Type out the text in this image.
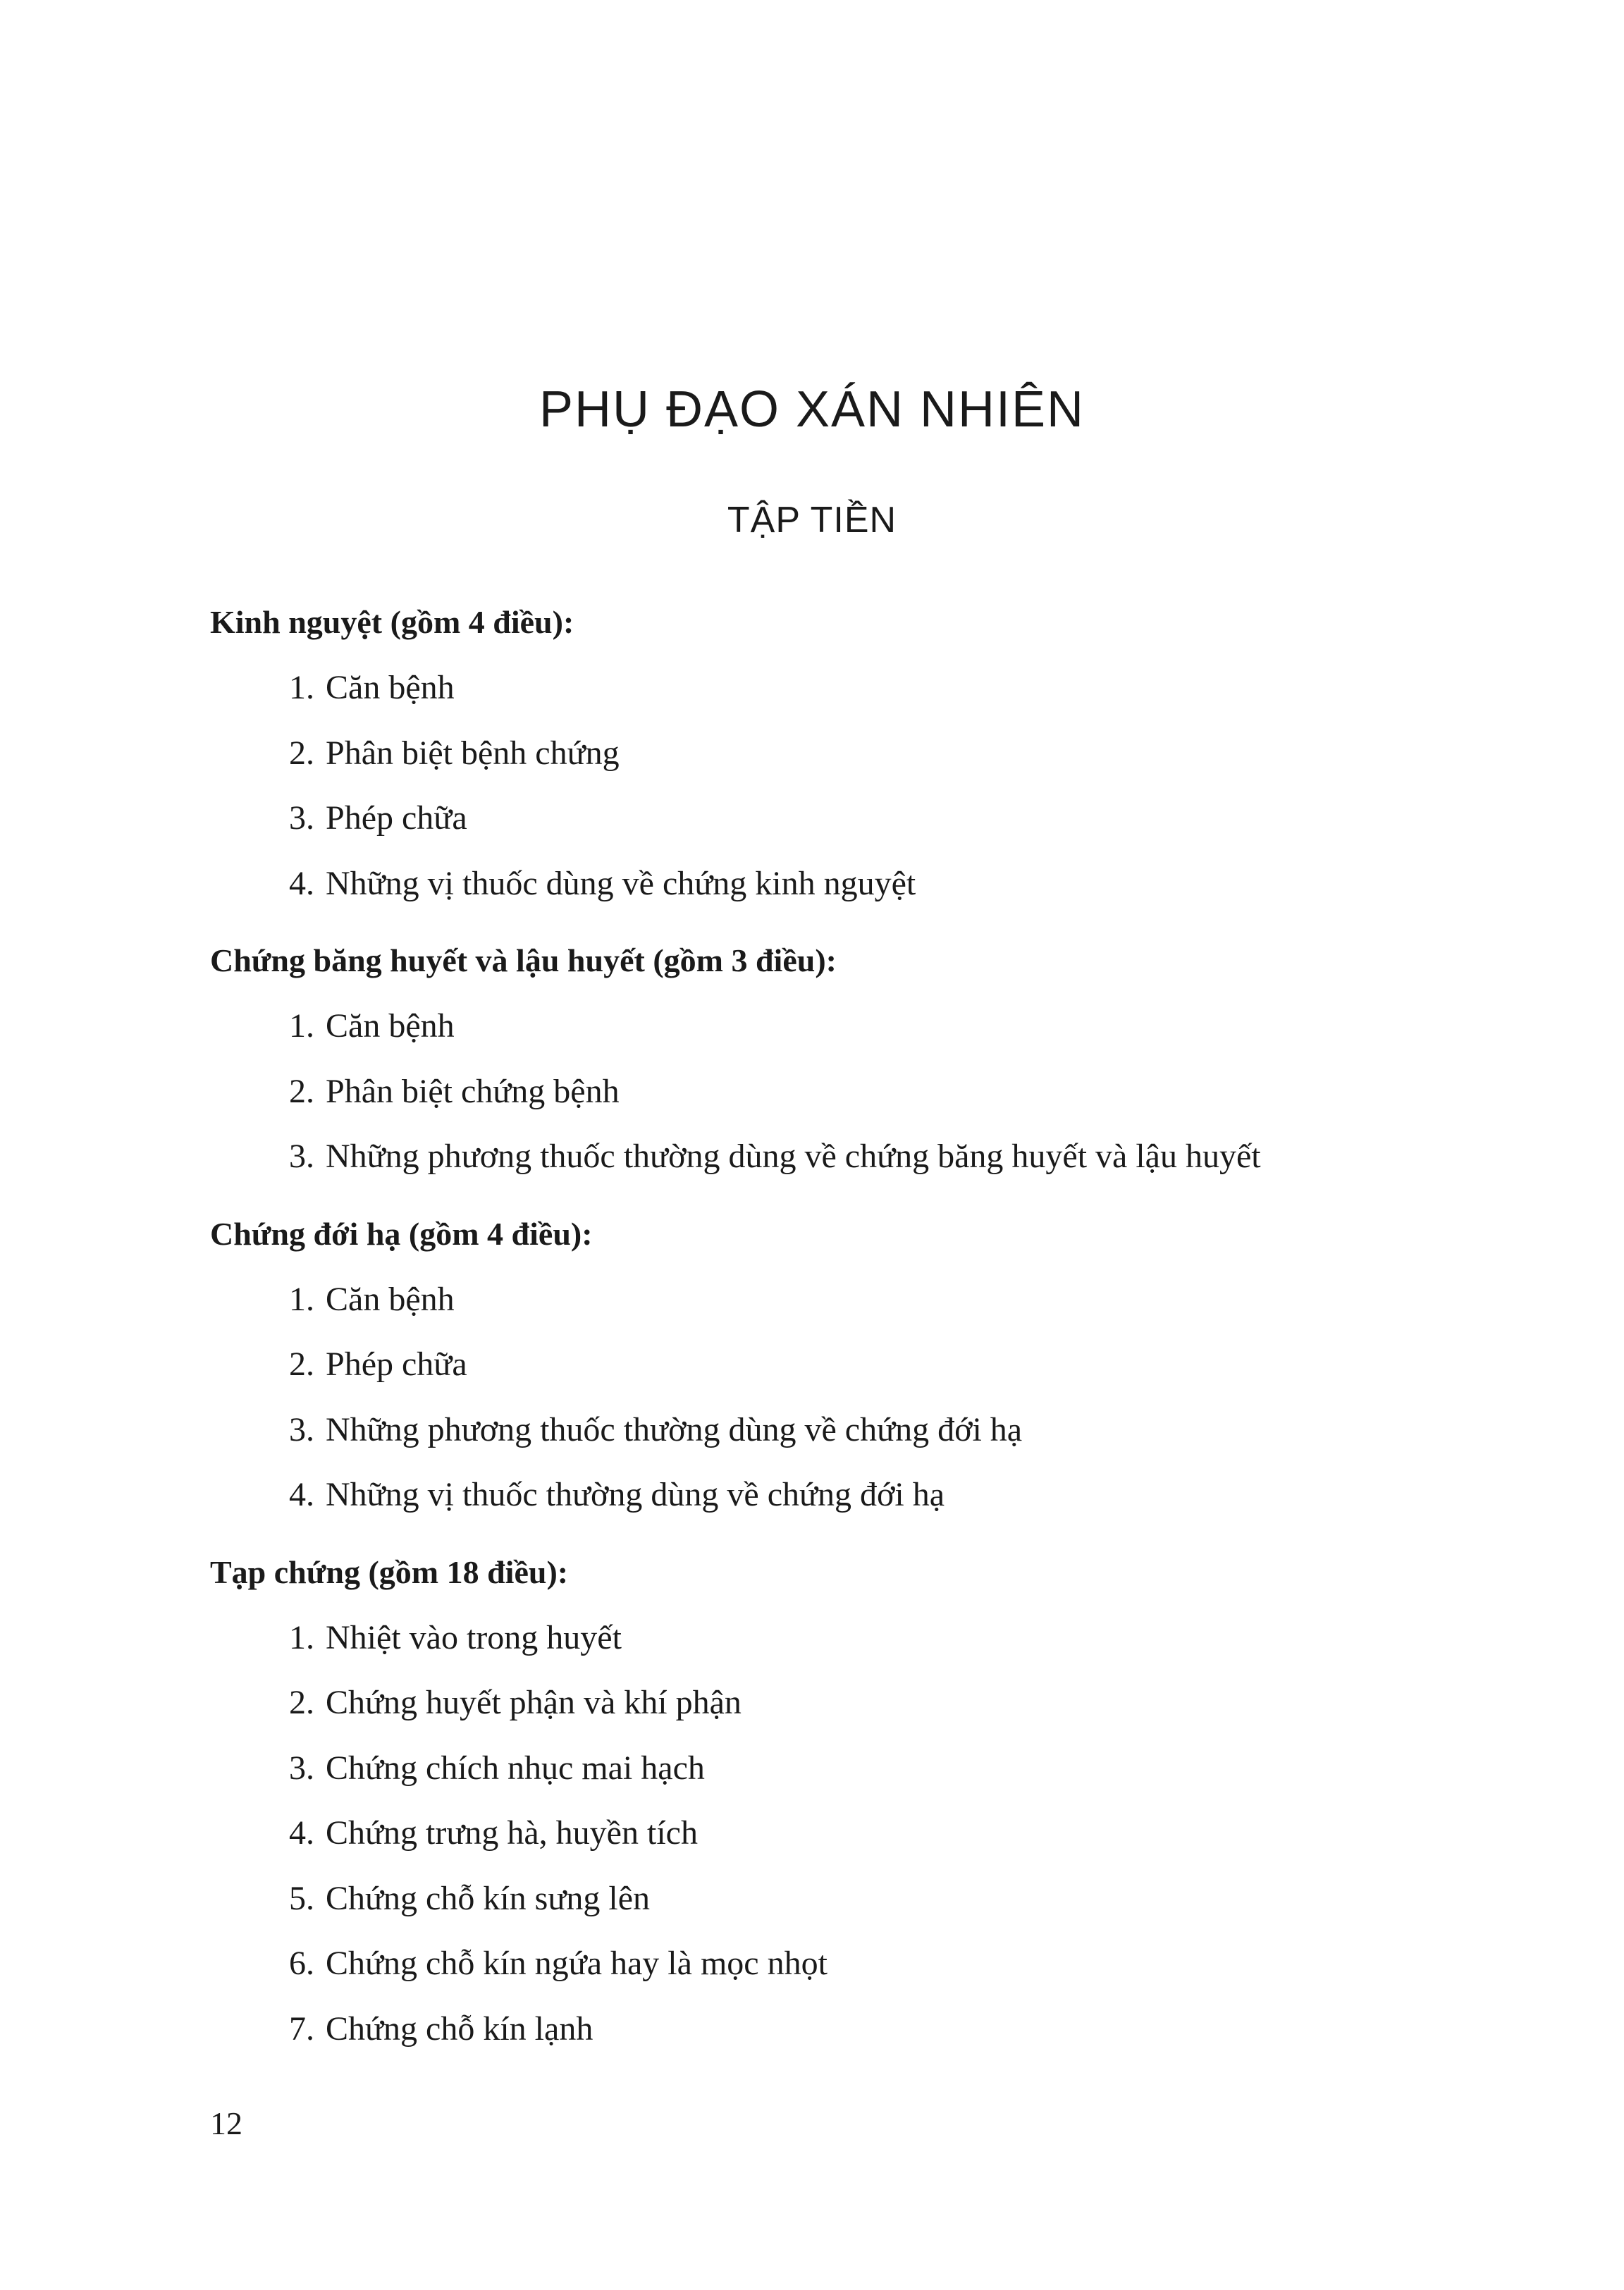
PHỤ ĐẠO XÁN NHIÊN
TẬP TIỀN
Kinh nguyệt (gồm 4 điều):
1. Căn bệnh
2. Phân biệt bệnh chứng
3. Phép chữa
4. Những vị thuốc dùng về chứng kinh nguyệt
Chứng băng huyết và lậu huyết (gồm 3 điều):
1. Căn bệnh
2. Phân biệt chứng bệnh
3. Những phương thuốc thường dùng về chứng băng huyết và lậu huyết
Chứng đới hạ (gồm 4 điều):
1. Căn bệnh
2. Phép chữa
3. Những phương thuốc thường dùng về chứng đới hạ
4. Những vị thuốc thường dùng về chứng đới hạ
Tạp chứng (gồm 18 điều):
1. Nhiệt vào trong huyết
2. Chứng huyết phận và khí phận
3. Chứng chích nhục mai hạch
4. Chứng trưng hà, huyền tích
5. Chứng chỗ kín sưng lên
6. Chứng chỗ kín ngứa hay là mọc nhọt
7. Chứng chỗ kín lạnh
12
